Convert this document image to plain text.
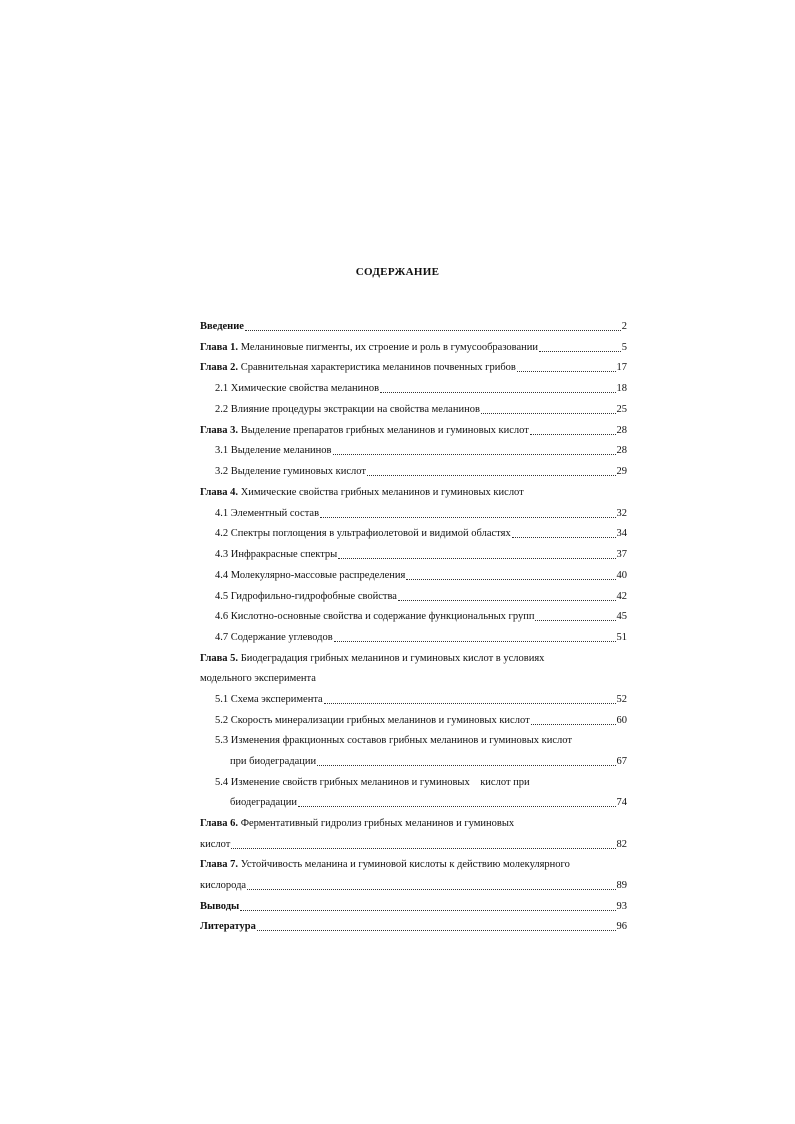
СОДЕРЖАНИЕ
Введение	2
Глава 1. Меланиновые пигменты, их строение и роль в гумусообразовании	5
Глава 2. Сравнительная характеристика меланинов почвенных грибов	17
2.1 Химические свойства меланинов	18
2.2 Влияние процедуры экстракции на свойства меланинов	25
Глава 3. Выделение препаратов грибных меланинов и гуминовых кислот	28
3.1 Выделение меланинов	28
3.2 Выделение гуминовых кислот	29
Глава 4. Химические свойства грибных меланинов и гуминовых кислот
4.1 Элементный состав	32
4.2 Спектры поглощения в ультрафиолетовой и видимой областях	34
4.3 Инфракрасные спектры	37
4.4 Молекулярно-массовые распределения	40
4.5 Гидрофильно-гидрофобные свойства	42
4.6 Кислотно-основные свойства и содержание функциональных групп	45
4.7 Содержание углеводов	51
Глава 5. Биодеградация грибных меланинов и гуминовых кислот в условиях
модельного эксперимента
5.1 Схема эксперимента	52
5.2 Скорость минерализации грибных меланинов и гуминовых кислот	60
5.3 Изменения фракционных составов грибных меланинов и гуминовых кислот
при биодеградации	67
5.4 Изменение свойств грибных меланинов и гуминовых    кислот при
биодеградации	74
Глава 6. Ферментативный гидролиз грибных меланинов и гуминовых
кислот	82
Глава 7. Устойчивость меланина и гуминовой кислоты к действию молекулярного
кислорода	89
Выводы	93
Литература	96
